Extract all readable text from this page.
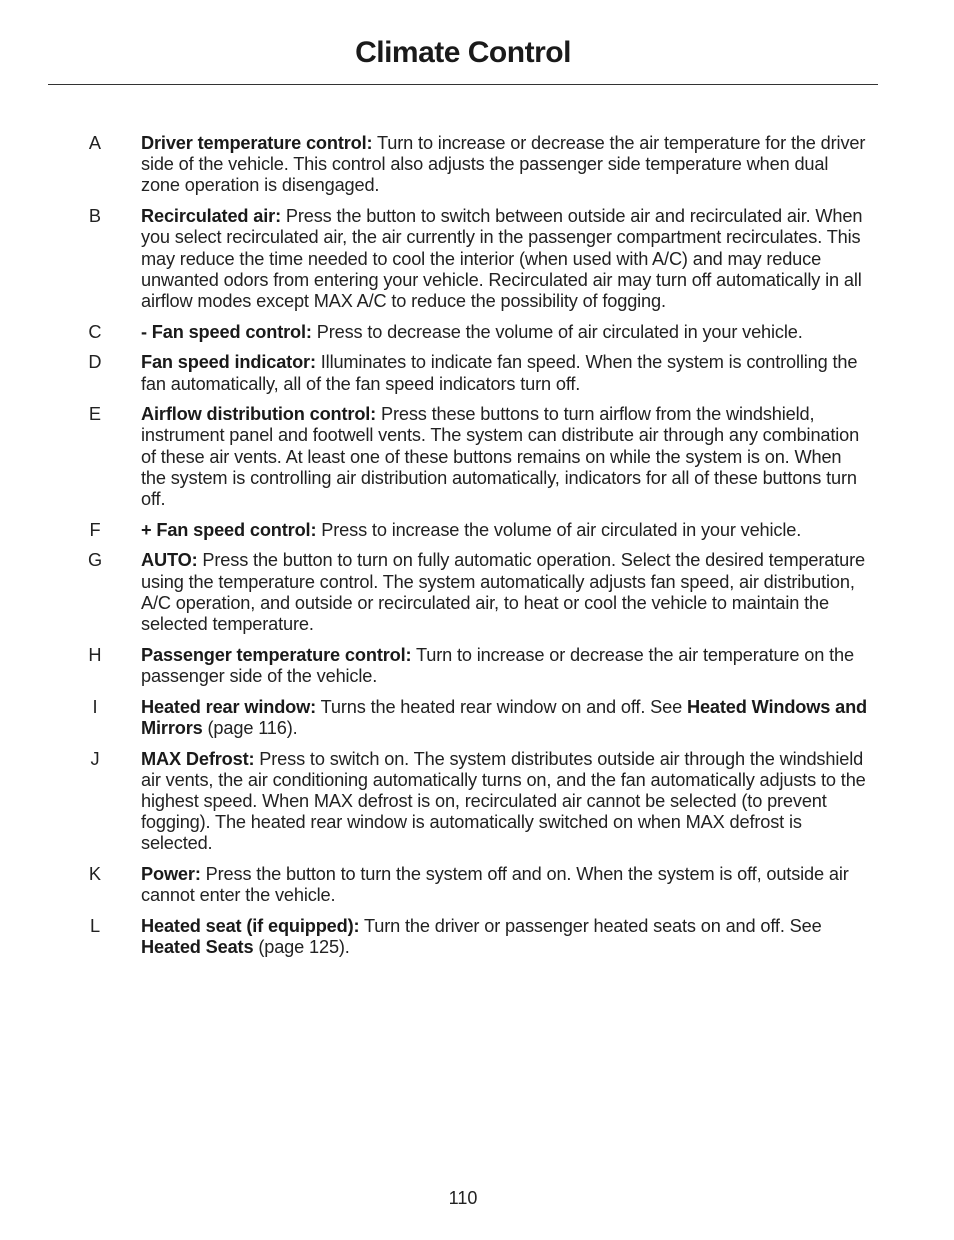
Climate Control
A Driver temperature control: Turn to increase or decrease the air temperature for the driver side of the vehicle. This control also adjusts the passenger side temperature when dual zone operation is disengaged.
B Recirculated air: Press the button to switch between outside air and recirculated air. When you select recirculated air, the air currently in the passenger compartment recirculates. This may reduce the time needed to cool the interior (when used with A/C) and may reduce unwanted odors from entering your vehicle. Recirculated air may turn off automatically in all airflow modes except MAX A/C to reduce the possibility of fogging.
C - Fan speed control: Press to decrease the volume of air circulated in your vehicle.
D Fan speed indicator: Illuminates to indicate fan speed. When the system is controlling the fan automatically, all of the fan speed indicators turn off.
E Airflow distribution control: Press these buttons to turn airflow from the windshield, instrument panel and footwell vents. The system can distribute air through any combination of these air vents. At least one of these buttons remains on while the system is on. When the system is controlling air distribution automatically, indicators for all of these buttons turn off.
F + Fan speed control: Press to increase the volume of air circulated in your vehicle.
G AUTO: Press the button to turn on fully automatic operation. Select the desired temperature using the temperature control. The system automatically adjusts fan speed, air distribution, A/C operation, and outside or recirculated air, to heat or cool the vehicle to maintain the selected temperature.
H Passenger temperature control: Turn to increase or decrease the air temperature on the passenger side of the vehicle.
I Heated rear window: Turns the heated rear window on and off. See Heated Windows and Mirrors (page 116).
J MAX Defrost: Press to switch on. The system distributes outside air through the windshield air vents, the air conditioning automatically turns on, and the fan automatically adjusts to the highest speed. When MAX defrost is on, recirculated air cannot be selected (to prevent fogging). The heated rear window is automatically switched on when MAX defrost is selected.
K Power: Press the button to turn the system off and on. When the system is off, outside air cannot enter the vehicle.
L Heated seat (if equipped): Turn the driver or passenger heated seats on and off. See Heated Seats (page 125).
110
